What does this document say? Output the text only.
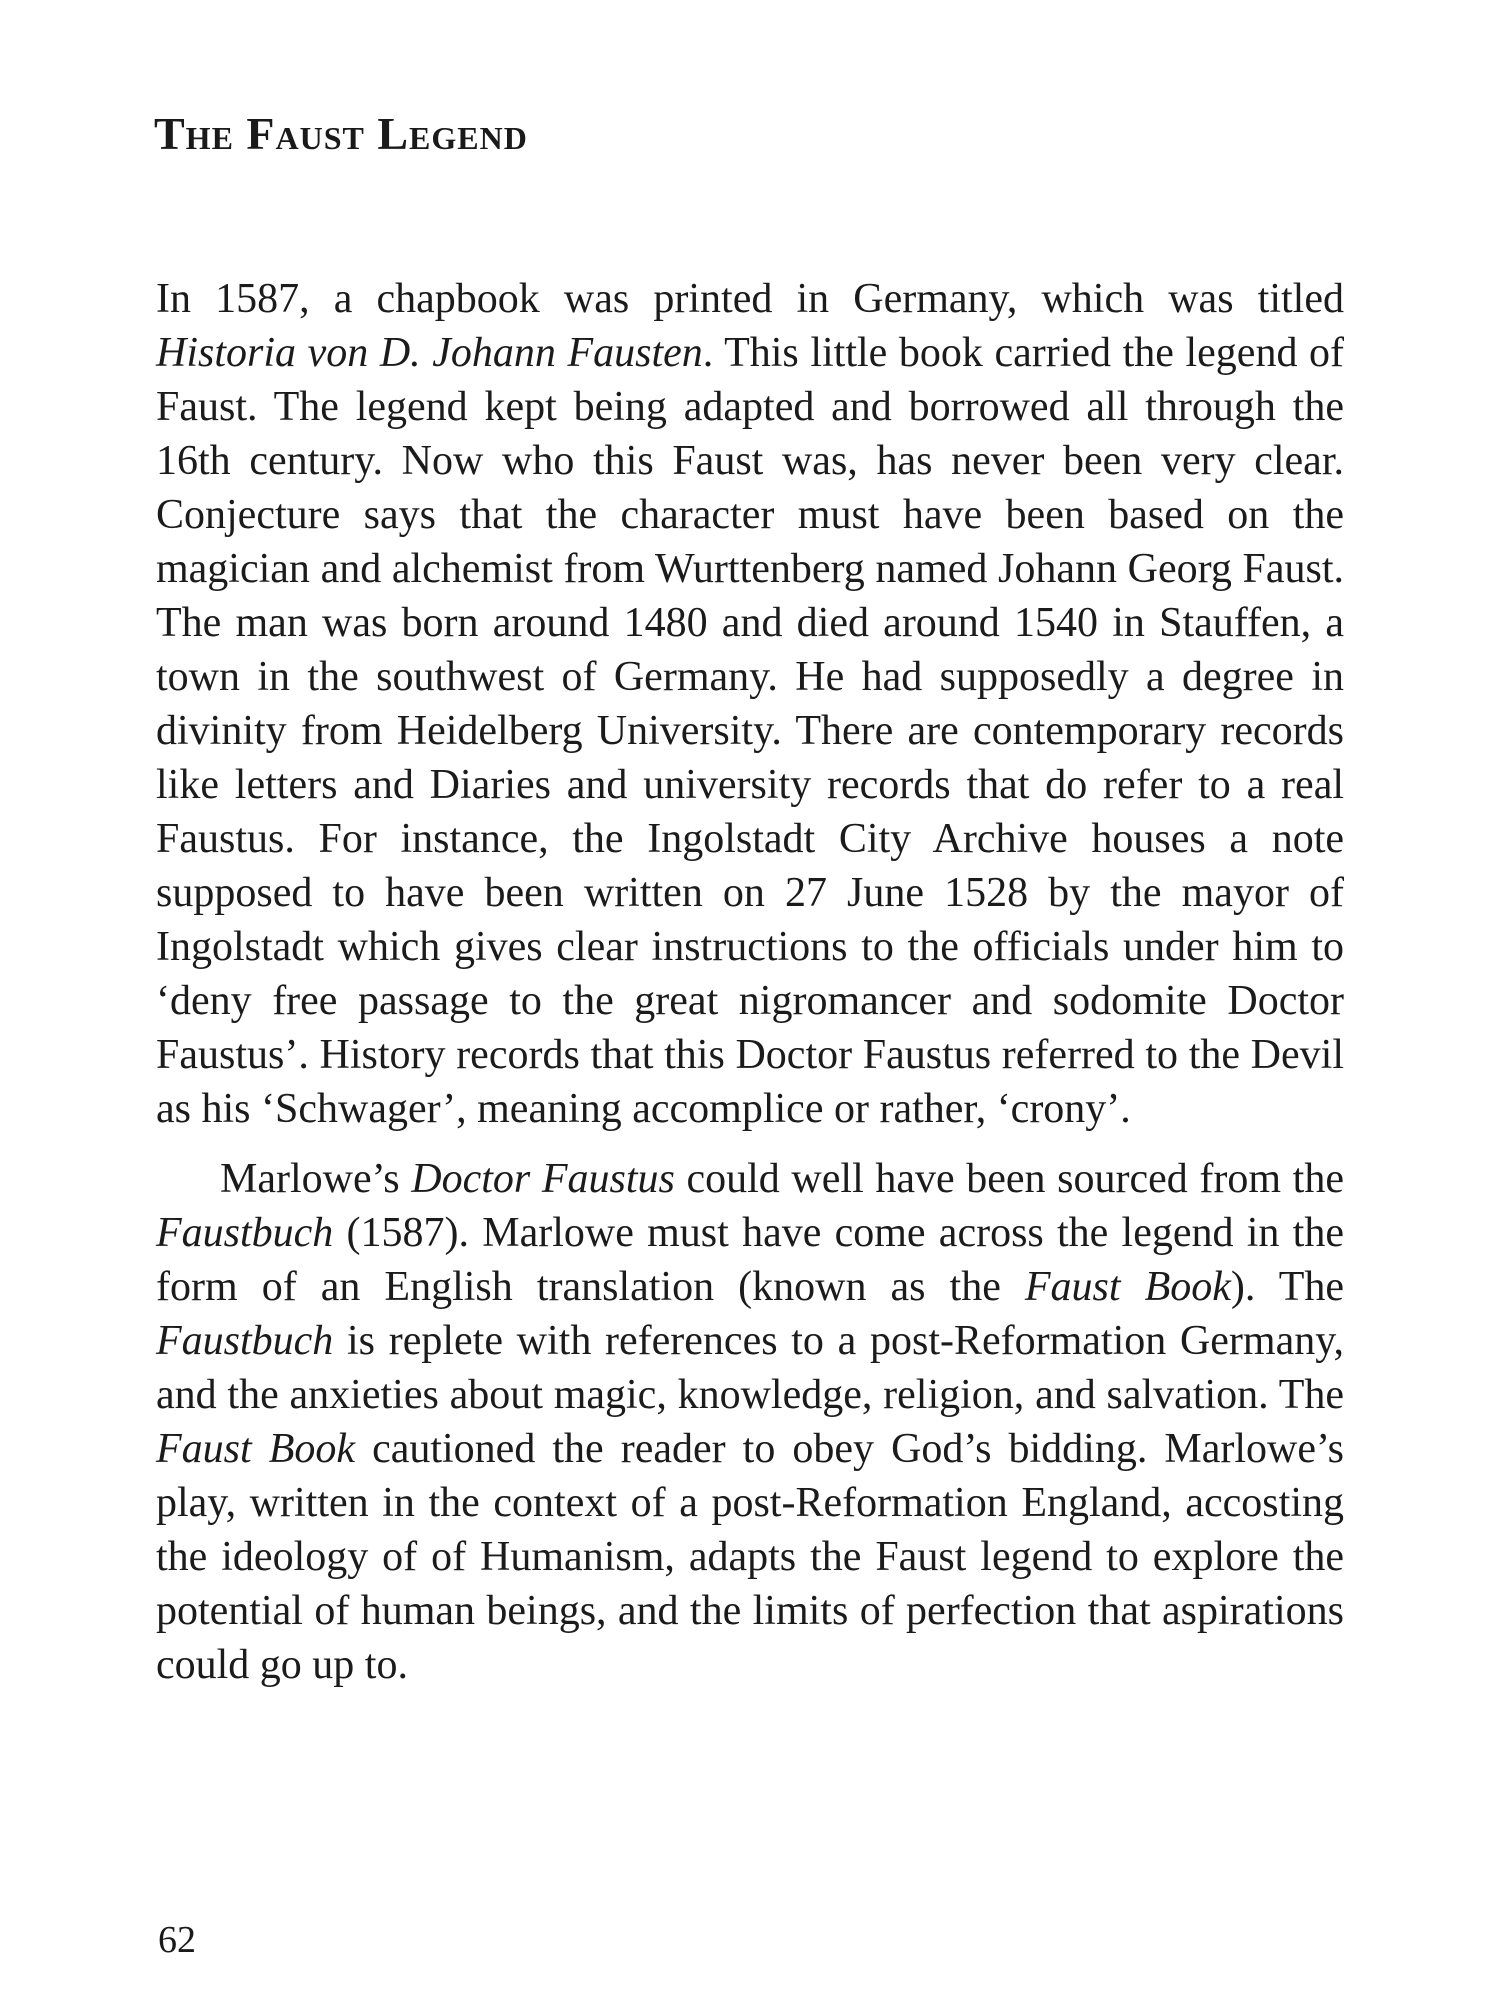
The Faust Legend

In 1587, a chapbook was printed in Germany, which was titled Historia von D. Johann Fausten. This little book carried the legend of Faust. The legend kept being adapted and borrowed all through the 16th century. Now who this Faust was, has never been very clear. Conjecture says that the character must have been based on the magician and alchemist from Wurttenberg named Johann Georg Faust. The man was born around 1480 and died around 1540 in Stauffen, a town in the southwest of Germany. He had supposedly a degree in divinity from Heidelberg University. There are contemporary records like letters and Diaries and university records that do refer to a real Faustus. For instance, the Ingolstadt City Archive houses a note supposed to have been written on 27 June 1528 by the mayor of Ingolstadt which gives clear instructions to the officials under him to ‘deny free passage to the great nigromancer and sodomite Doctor Faustus’. History records that this Doctor Faustus referred to the Devil as his ‘Schwager’, meaning accomplice or rather, ‘crony’.

Marlowe’s Doctor Faustus could well have been sourced from the Faustbuch (1587). Marlowe must have come across the legend in the form of an English translation (known as the Faust Book). The Faustbuch is replete with references to a post-Reformation Germany, and the anxieties about magic, knowledge, religion, and salvation. The Faust Book cautioned the reader to obey God’s bidding. Marlowe’s play, written in the context of a post-Reformation England, accosting the ideology of of Humanism, adapts the Faust legend to explore the potential of human beings, and the limits of perfection that aspirations could go up to.

62
